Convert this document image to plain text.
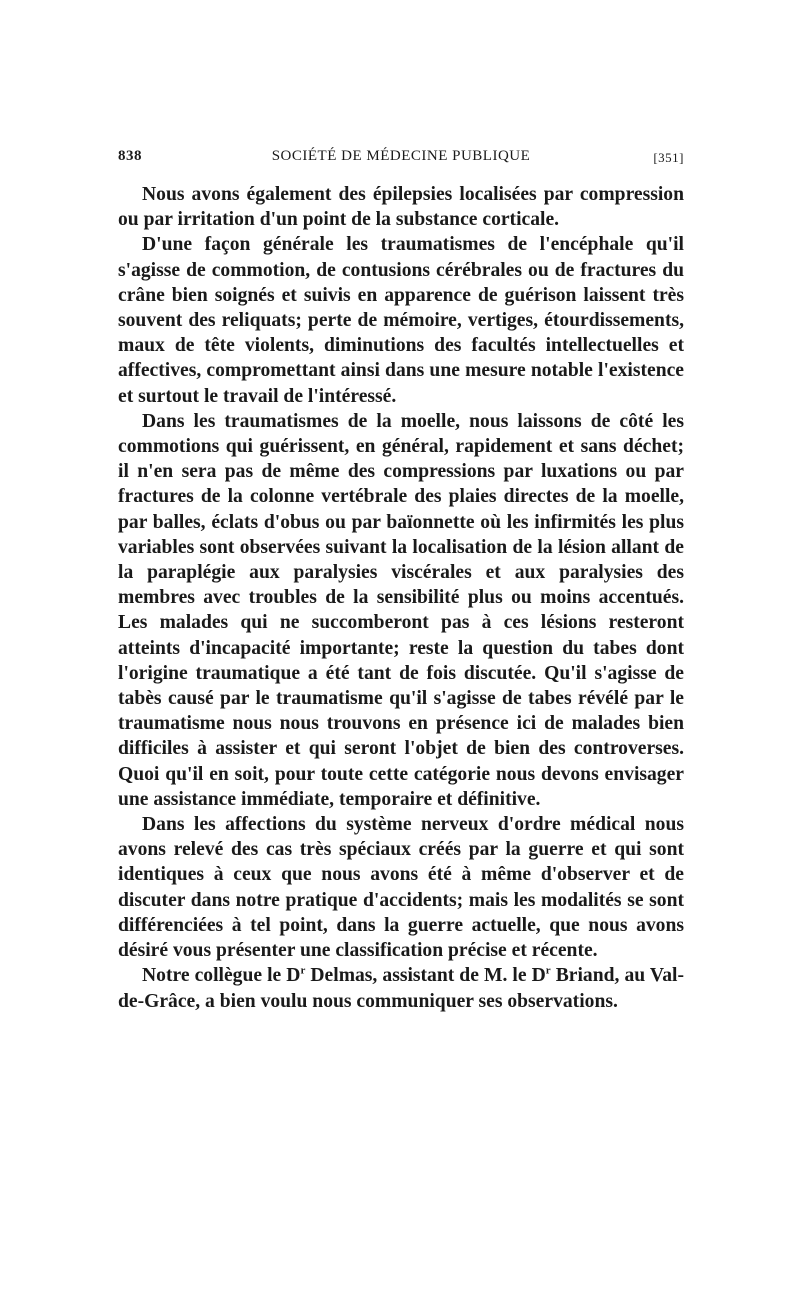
838	SOCIÉTÉ DE MÉDECINE PUBLIQUE	[351]

Nous avons également des épilepsies localisées par compression ou par irritation d'un point de la substance corticale.

D'une façon générale les traumatismes de l'encéphale qu'il s'agisse de commotion, de contusions cérébrales ou de fractures du crâne bien soignés et suivis en apparence de guérison laissent très souvent des reliquats; perte de mémoire, vertiges, étourdissements, maux de tête violents, diminutions des facultés intellectuelles et affectives, compromettant ainsi dans une mesure notable l'existence et surtout le travail de l'intéressé.

Dans les traumatismes de la moelle, nous laissons de côté les commotions qui guérissent, en général, rapidement et sans déchet; il n'en sera pas de même des compressions par luxations ou par fractures de la colonne vertébrale des plaies directes de la moelle, par balles, éclats d'obus ou par baïonnette où les infirmités les plus variables sont observées suivant la localisation de la lésion allant de la paraplégie aux paralysies viscérales et aux paralysies des membres avec troubles de la sensibilité plus ou moins accentués. Les malades qui ne succomberont pas à ces lésions resteront atteints d'incapacité importante; reste la question du tabes dont l'origine traumatique a été tant de fois discutée. Qu'il s'agisse de tabès causé par le traumatisme qu'il s'agisse de tabes révélé par le traumatisme nous nous trouvons en présence ici de malades bien difficiles à assister et qui seront l'objet de bien des controverses. Quoi qu'il en soit, pour toute cette catégorie nous devons envisager une assistance immédiate, temporaire et définitive.

Dans les affections du système nerveux d'ordre médical nous avons relevé des cas très spéciaux créés par la guerre et qui sont identiques à ceux que nous avons été à même d'observer et de discuter dans notre pratique d'accidents; mais les modalités se sont différenciées à tel point, dans la guerre actuelle, que nous avons désiré vous présenter une classification précise et récente.

Notre collègue le $D^r$ Delmas, assistant de M. le $D^r$ Briand, au Val-de-Grâce, a bien voulu nous communiquer ses observations.
